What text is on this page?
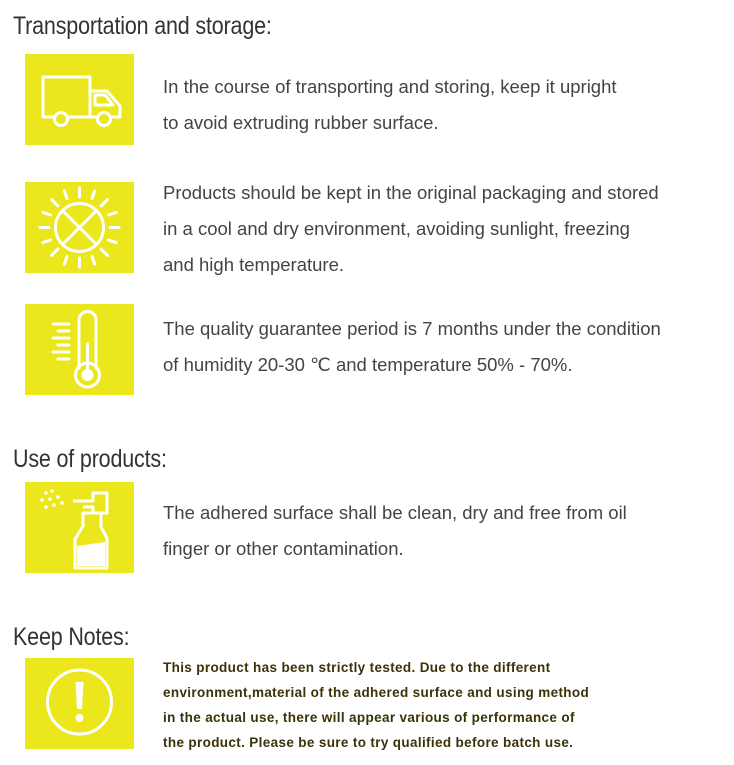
Transportation and storage:
In the course of transporting and storing, keep it upright
to avoid extruding rubber surface.
Products should be kept in the original packaging and stored
in a cool and dry environment, avoiding sunlight, freezing
and high temperature.
The quality guarantee period is 7 months under the condition
of humidity 20-30 ℃ and temperature 50% - 70%.
Use of products:
The adhered surface shall be clean, dry and free from oil
finger or other contamination.
Keep Notes:
This product has been strictly tested. Due to the different
environment,material of the adhered surface and using method
in the actual use, there will appear various of performance of
the product. Please be sure to try qualified before batch use.
